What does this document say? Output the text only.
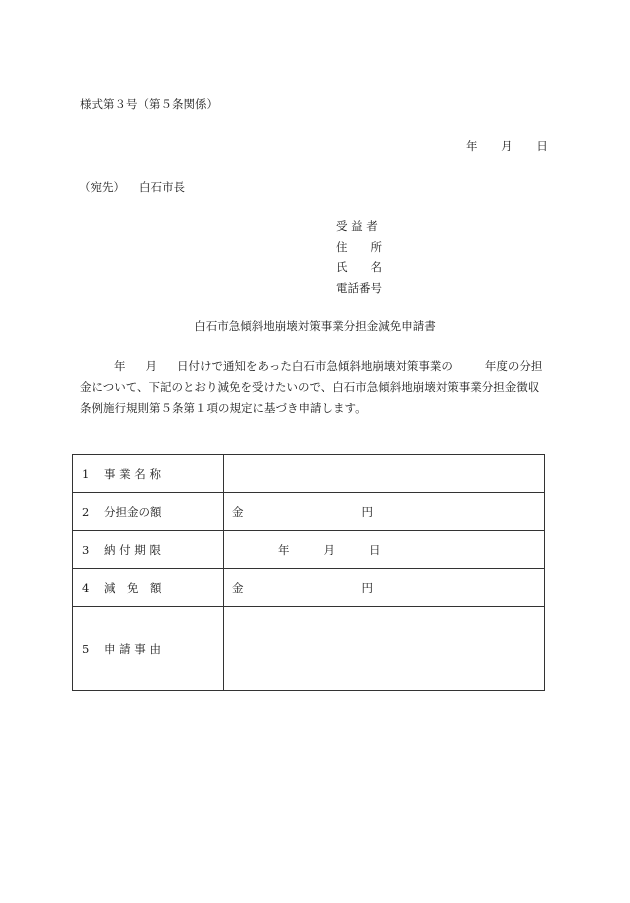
様式第３号（第５条関係）
年 月 日
（宛先） 白石市長
受 益 者
住　　所
氏　　名
電話番号
白石市急傾斜地崩壊対策事業分担金減免申請書
年 月 日付けで通知をあった白石市急傾斜地崩壊対策事業の	年度の分担
金について、下記のとおり減免を受けたいので、白石市急傾斜地崩壊対策事業分担金徴収
条例施行規則第５条第１項の規定に基づき申請します。
1 事 業 名 称	
2 分担金の額	金 円
3 納 付 期 限	年 月 日
4 減　免　額	金 円
5 申 請 事 由	
